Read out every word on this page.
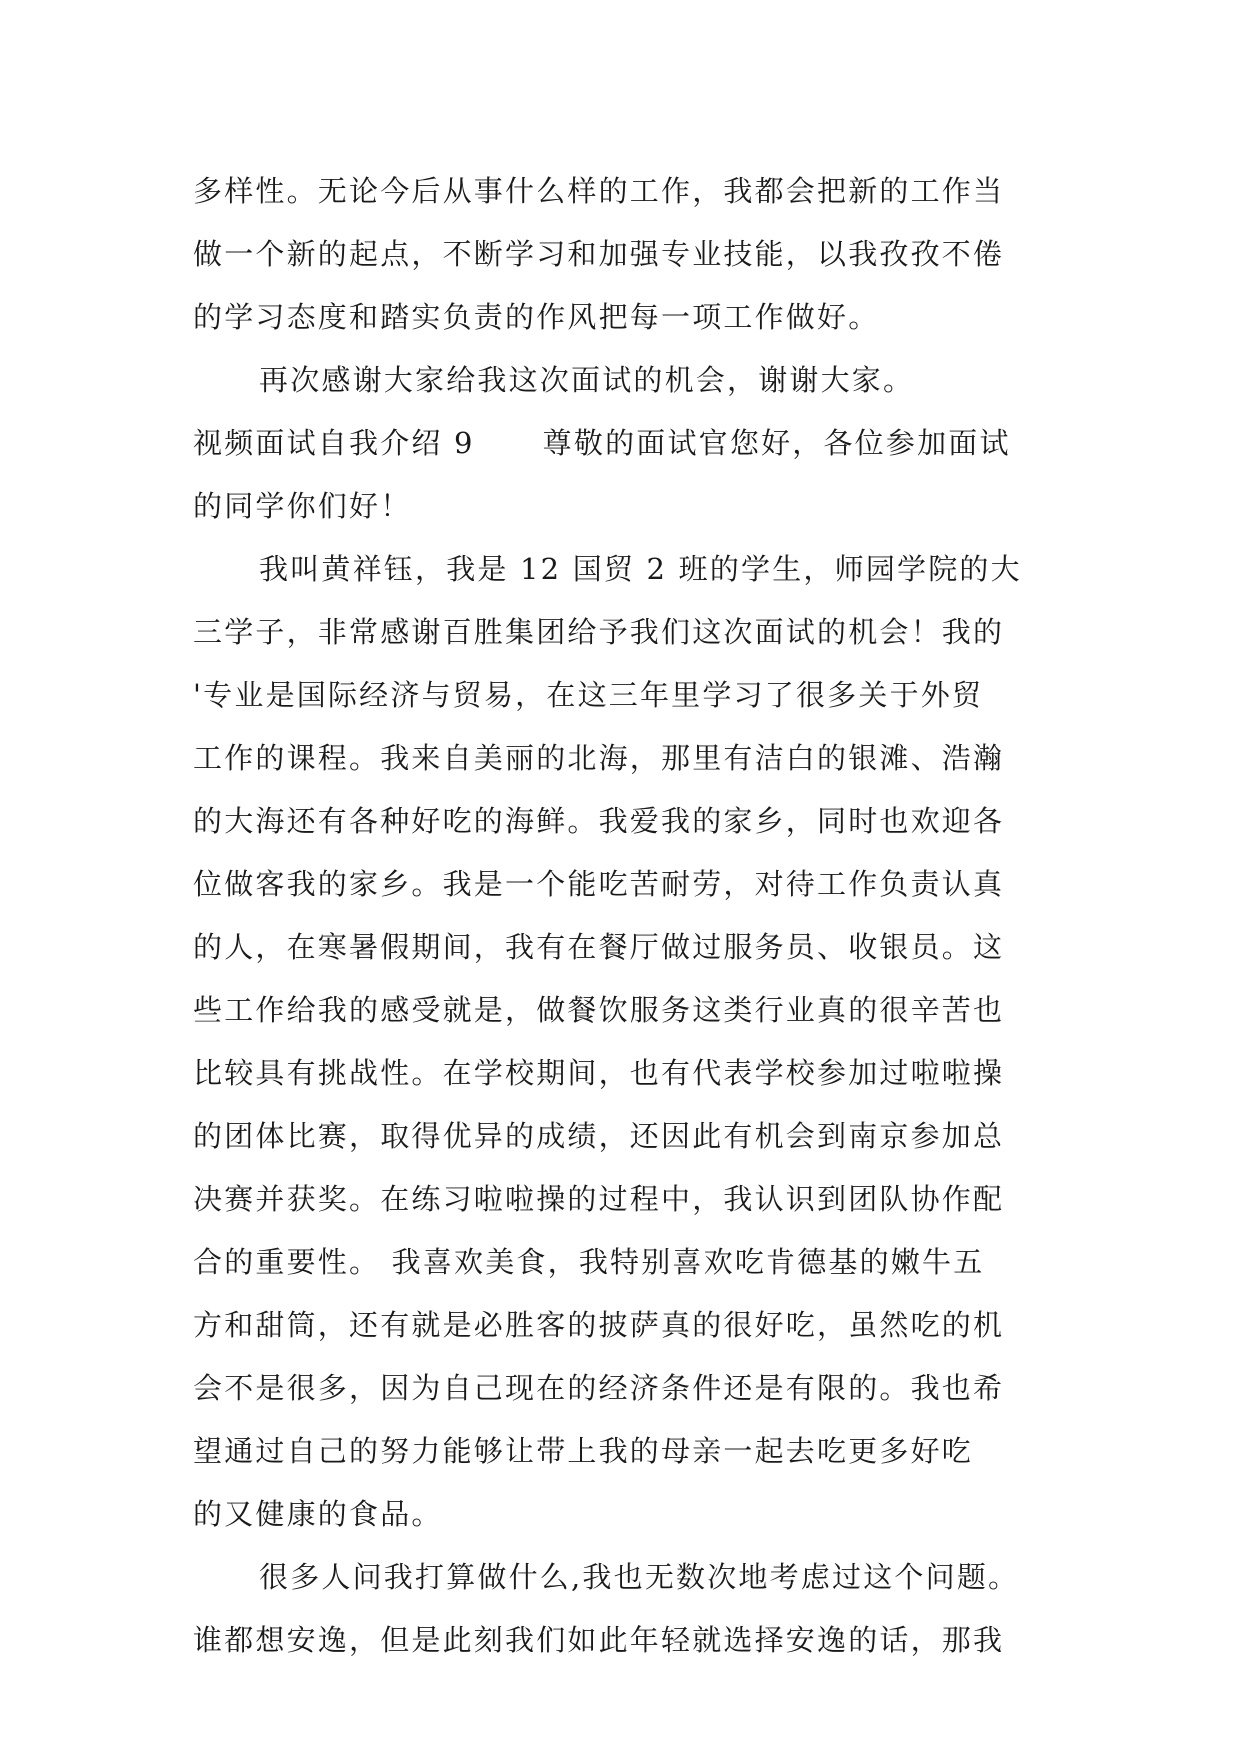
多样性。无论今后从事什么样的工作，我都会把新的工作当
做一个新的起点，不断学习和加强专业技能，以我孜孜不倦
的学习态度和踏实负责的作风把每一项工作做好。
再次感谢大家给我这次面试的机会，谢谢大家。
视频面试自我介绍 9 尊敬的面试官您好，各位参加面试
的同学你们好！
我叫黄祥钰，我是 12 国贸 2 班的学生，师园学院的大
三学子，非常感谢百胜集团给予我们这次面试的机会！我的
'专业是国际经济与贸易，在这三年里学习了很多关于外贸
工作的课程。我来自美丽的北海，那里有洁白的银滩、浩瀚
的大海还有各种好吃的海鲜。我爱我的家乡，同时也欢迎各
位做客我的家乡。我是一个能吃苦耐劳，对待工作负责认真
的人，在寒暑假期间，我有在餐厅做过服务员、收银员。这
些工作给我的感受就是，做餐饮服务这类行业真的很辛苦也
比较具有挑战性。在学校期间，也有代表学校参加过啦啦操
的团体比赛，取得优异的成绩，还因此有机会到南京参加总
决赛并获奖。在练习啦啦操的过程中，我认识到团队协作配
合的重要性。 我喜欢美食，我特别喜欢吃肯德基的嫩牛五
方和甜筒，还有就是必胜客的披萨真的很好吃，虽然吃的机
会不是很多，因为自己现在的经济条件还是有限的。我也希
望通过自己的努力能够让带上我的母亲一起去吃更多好吃
的又健康的食品。
很多人问我打算做什么,我也无数次地考虑过这个问题。
谁都想安逸，但是此刻我们如此年轻就选择安逸的话，那我
